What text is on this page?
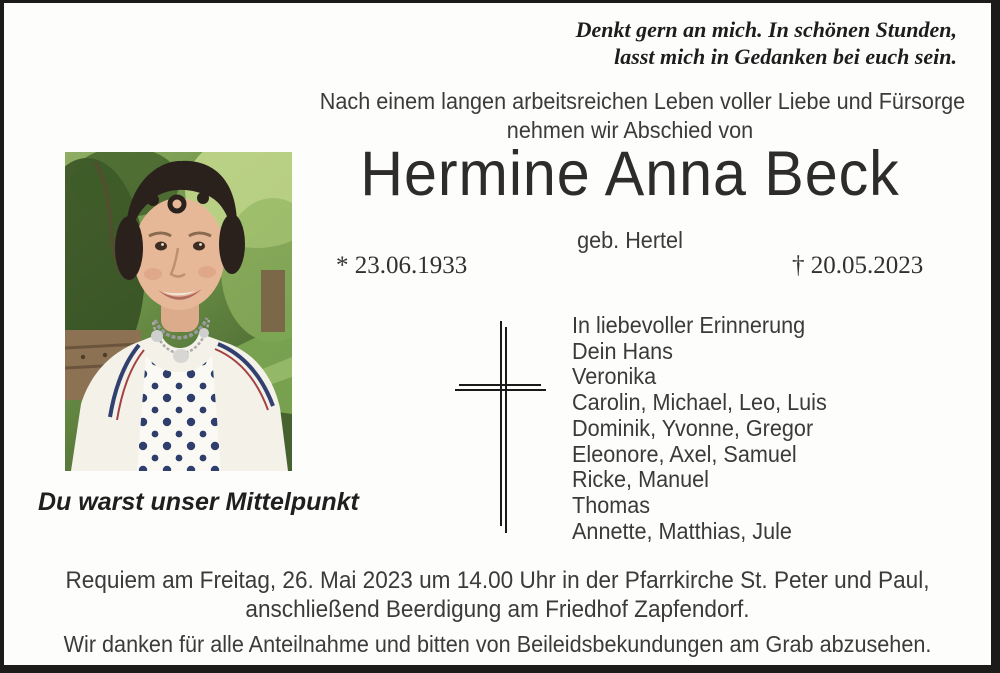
Denkt gern an mich. In schönen Stunden,
lasst mich in Gedanken bei euch sein.
Nach einem langen arbeitsreichen Leben voller Liebe und Fürsorge
nehmen wir Abschied von
Hermine Anna Beck
geb. Hertel
* 23.06.1933	† 20.05.2023
Du warst unser Mittelpunkt
In liebevoller Erinnerung
Dein Hans
Veronika
Carolin, Michael, Leo, Luis
Dominik, Yvonne, Gregor
Eleonore, Axel, Samuel
Ricke, Manuel
Thomas
Annette, Matthias, Jule
Requiem am Freitag, 26. Mai 2023 um 14.00 Uhr in der Pfarrkirche St. Peter und Paul,
anschließend Beerdigung am Friedhof Zapfendorf.
Wir danken für alle Anteilnahme und bitten von Beileidsbekundungen am Grab abzusehen.
